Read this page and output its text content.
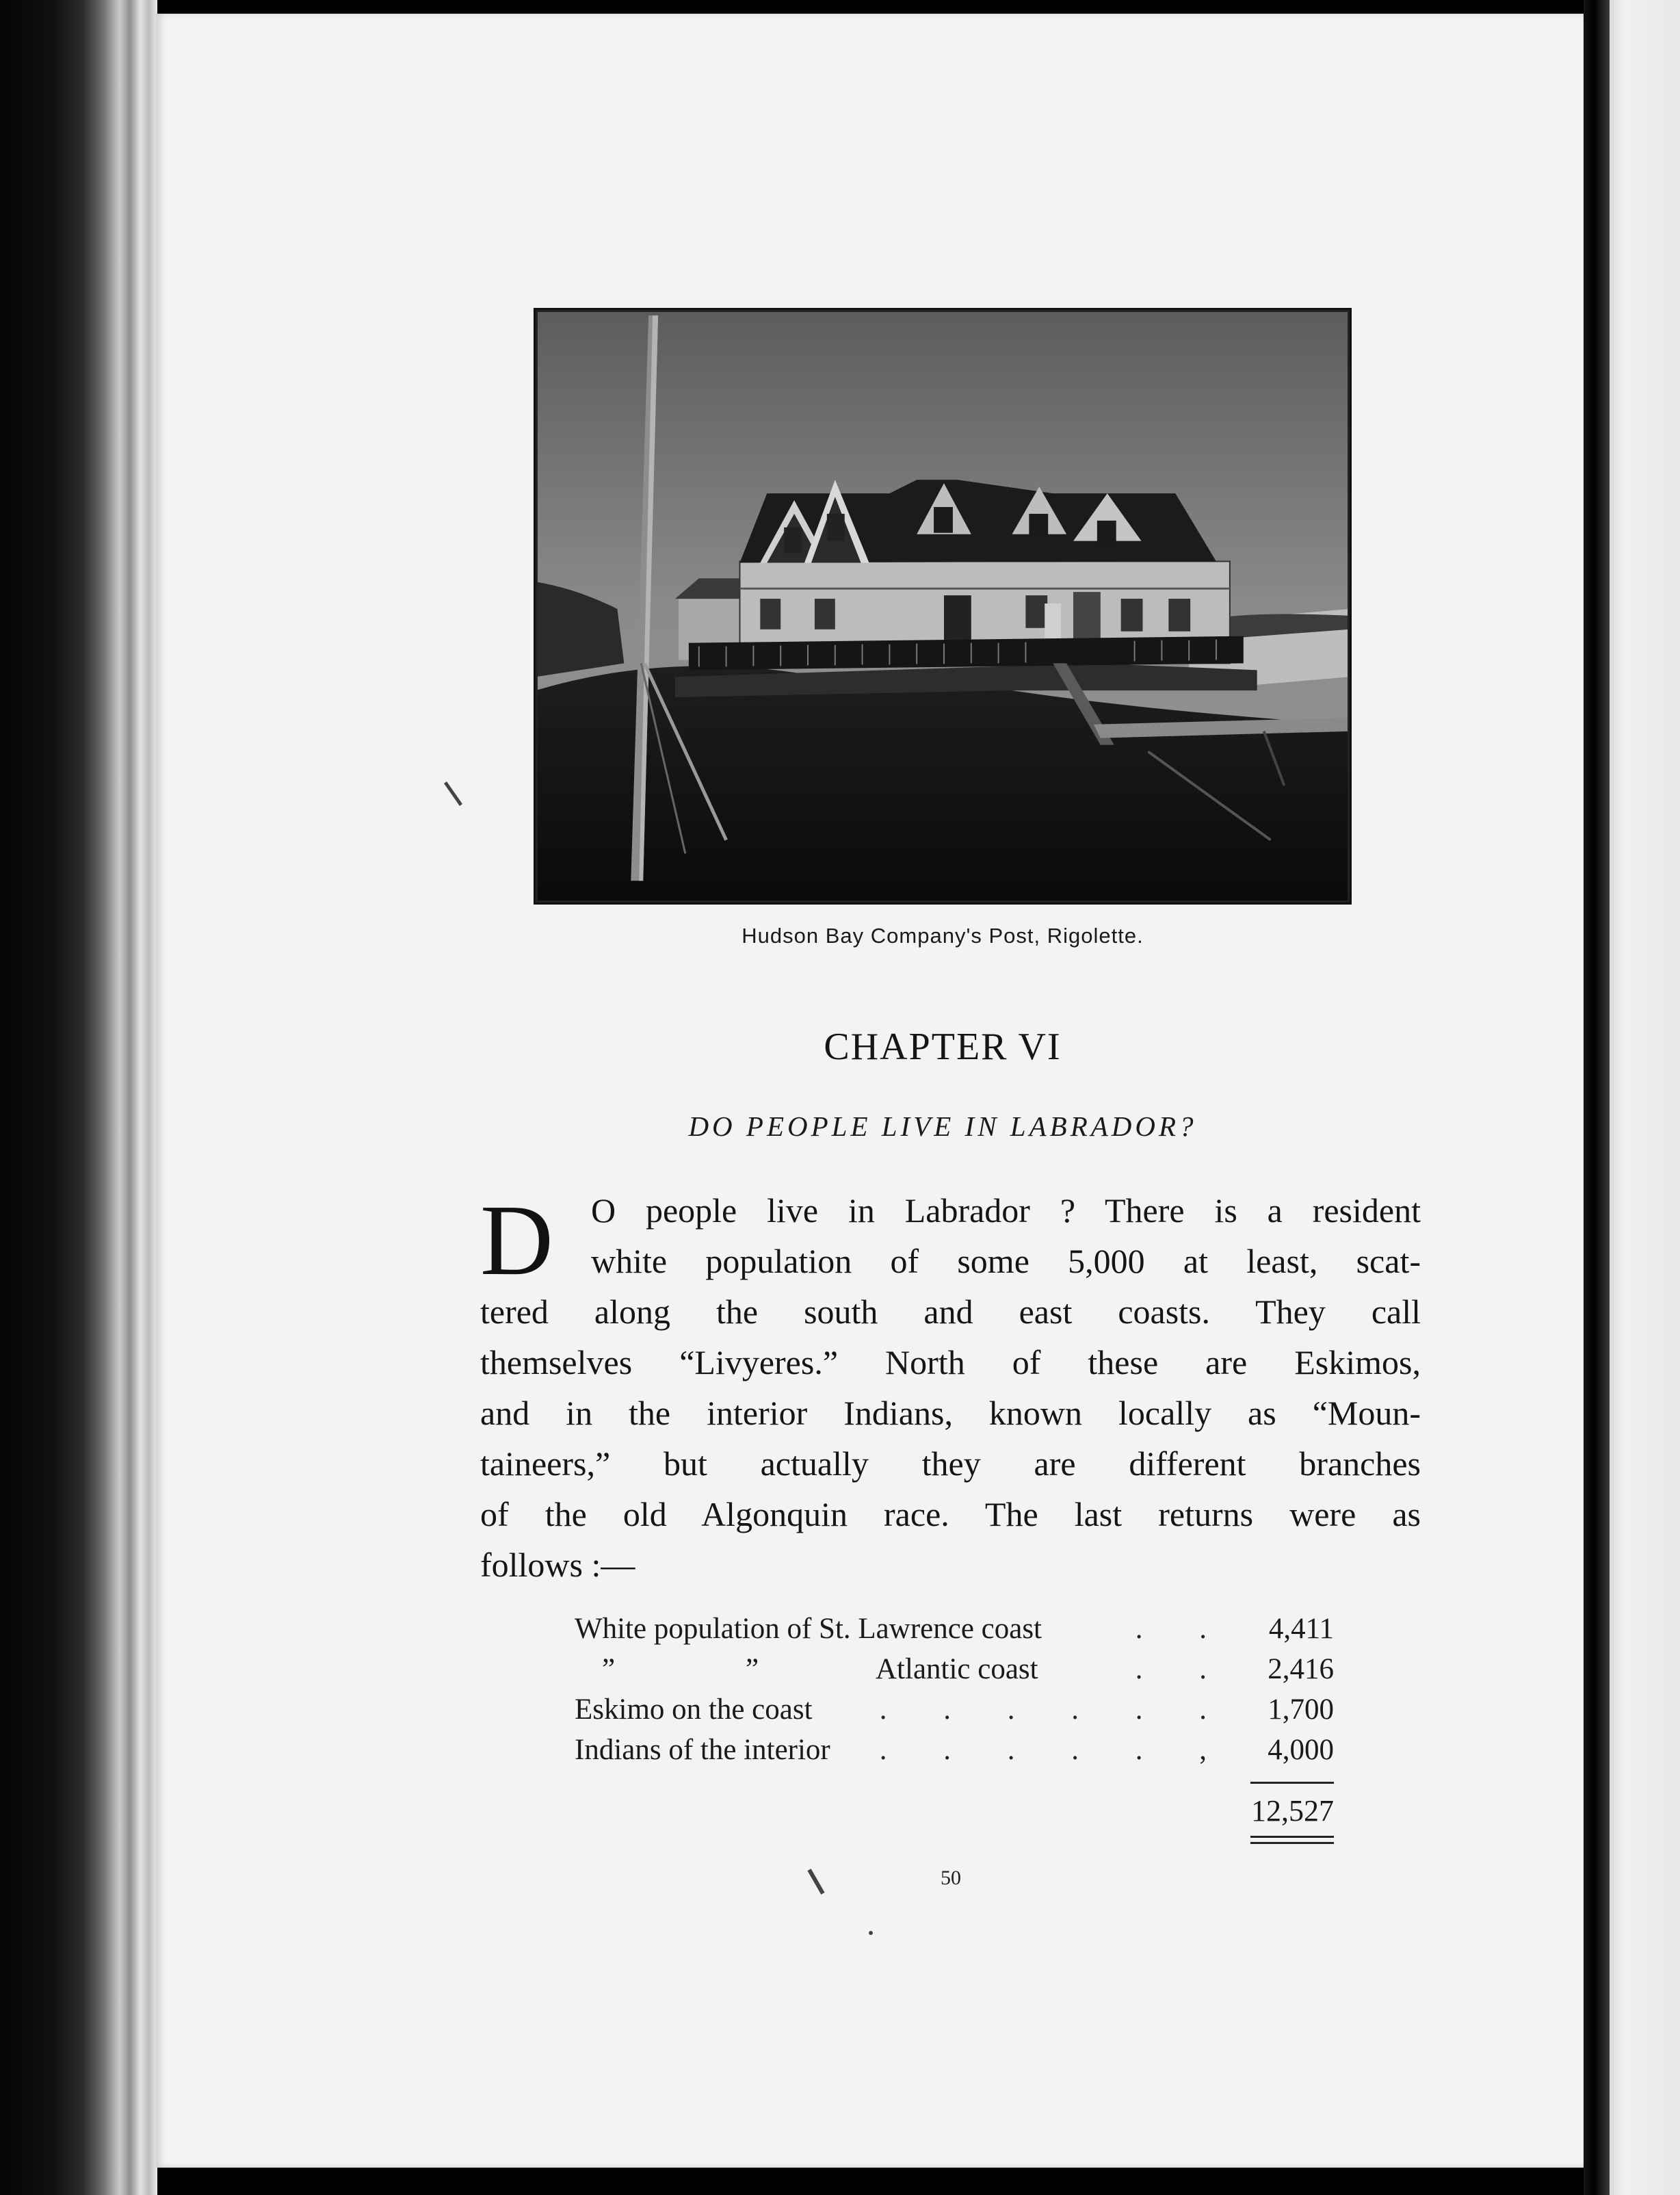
Hudson Bay Company's Post, Rigolette.
CHAPTER VI
DO PEOPLE LIVE IN LABRADOR?
D	O people live in Labrador ? There is a resident
white population of some 5,000 at least, scat-
tered along the south and east coasts. They call
themselves “Livyeres.” North of these are Eskimos,
and in the interior Indians, known locally as “Moun-
taineers,” but actually they are different branches
of the old Algonquin race. The last returns were as
follows :—
White population of St. Lawrence coast	. .	4,411
”	”	Atlantic coast	. .	2,416
Eskimo on the coast	. . . . . .	1,700
Indians of the interior	. . . . . ,	4,000
12,527
50
